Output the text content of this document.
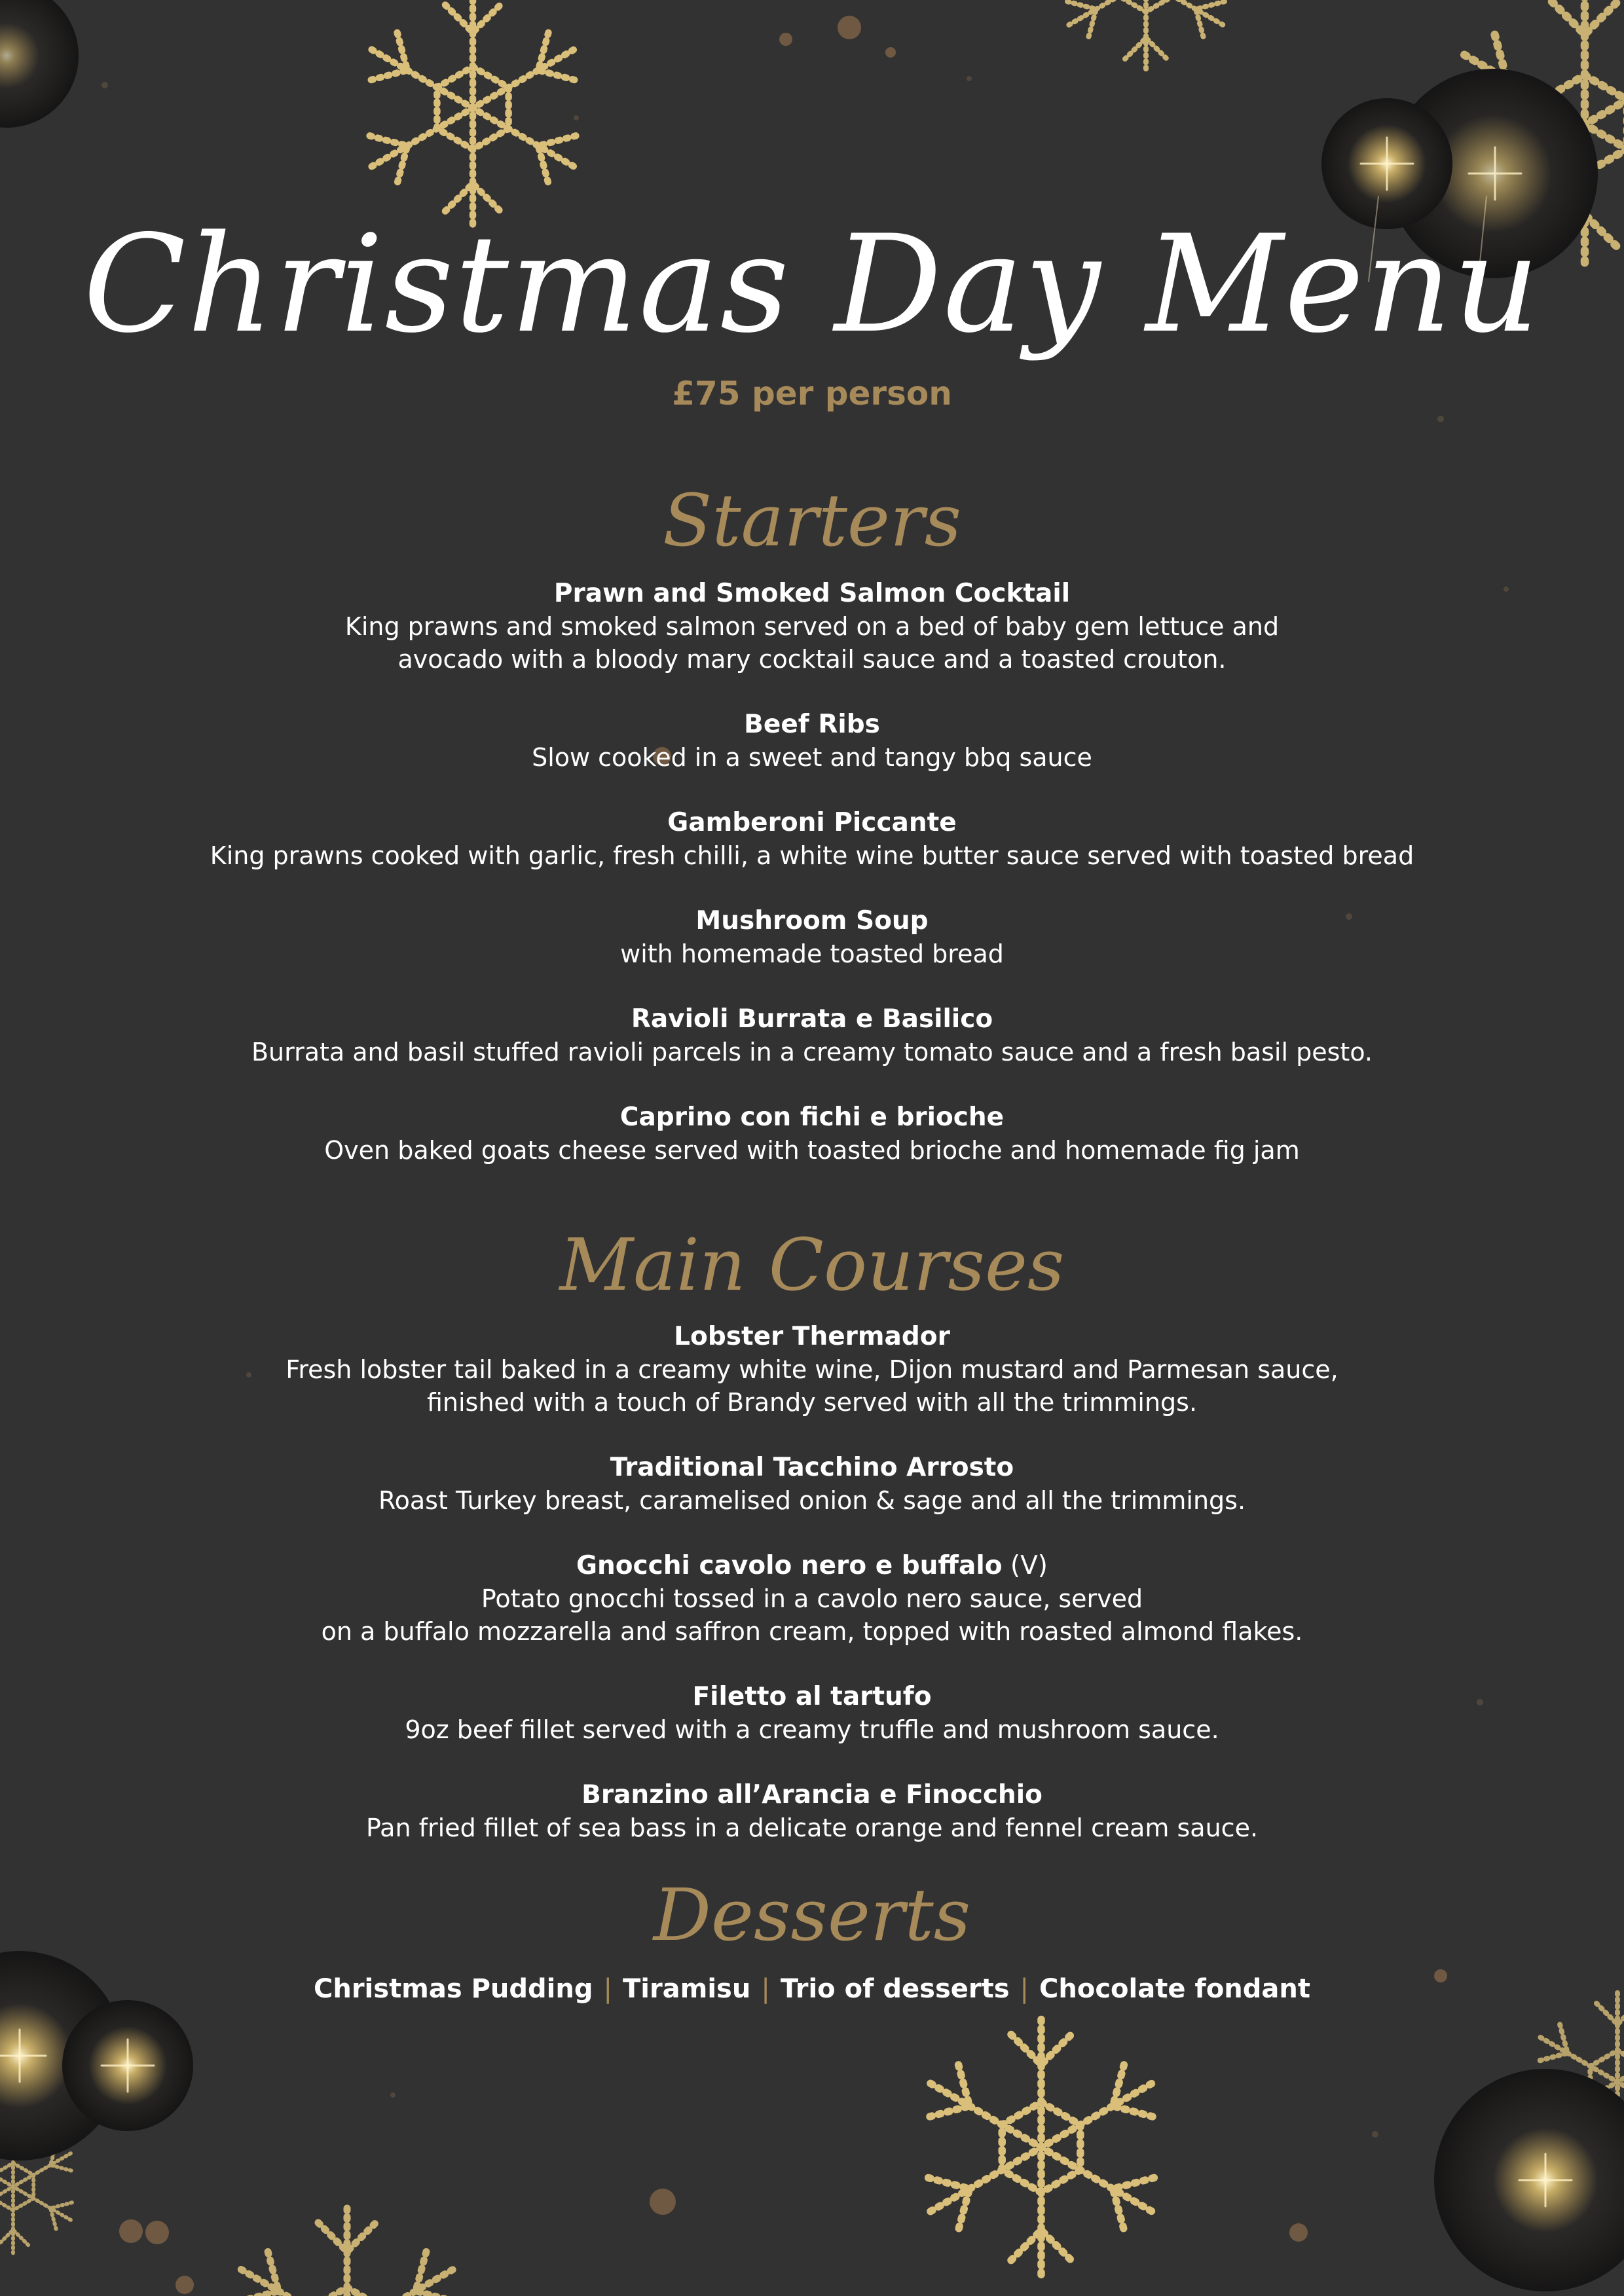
Christmas Day Menu
£75 per person
Starters
Prawn and Smoked Salmon Cocktail
King prawns and smoked salmon served on a bed of baby gem lettuce and
avocado with a bloody mary cocktail sauce and a toasted crouton.
Beef Ribs
Slow cooked in a sweet and tangy bbq sauce
Gamberoni Piccante
King prawns cooked with garlic, fresh chilli, a white wine butter sauce served with toasted bread
Mushroom Soup
with homemade toasted bread
Ravioli Burrata e Basilico
Burrata and basil stuffed ravioli parcels in a creamy tomato sauce and a fresh basil pesto.
Caprino con fichi e brioche
Oven baked goats cheese served with toasted brioche and homemade fig jam
Main Courses
Lobster Thermador
Fresh lobster tail baked in a creamy white wine, Dijon mustard and Parmesan sauce,
finished with a touch of Brandy served with all the trimmings.
Traditional Tacchino Arrosto
Roast Turkey breast, caramelised onion & sage and all the trimmings.
Gnocchi cavolo nero e buffalo (V)
Potato gnocchi tossed in a cavolo nero sauce, served
on a buffalo mozzarella and saffron cream, topped with roasted almond flakes.
Filetto al tartufo
9oz beef fillet served with a creamy truffle and mushroom sauce.
Branzino all’Arancia e Finocchio
Pan fried fillet of sea bass in a delicate orange and fennel cream sauce.
Desserts
Christmas Pudding | Tiramisu | Trio of desserts | Chocolate fondant
